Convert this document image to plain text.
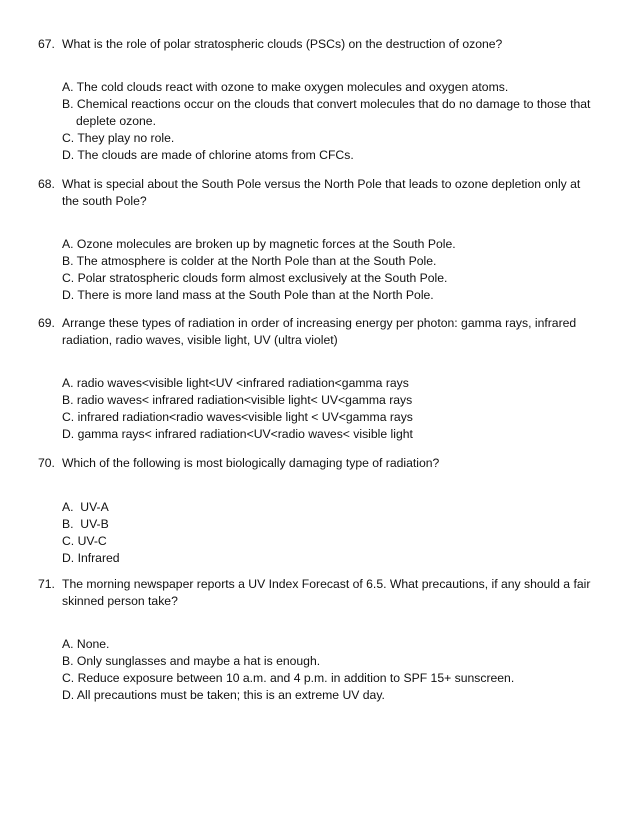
67. What is the role of polar stratospheric clouds (PSCs) on the destruction of ozone?
A. The cold clouds react with ozone to make oxygen molecules and oxygen atoms.
B. Chemical reactions occur on the clouds that convert molecules that do no damage to those that deplete ozone.
C. They play no role.
D. The clouds are made of chlorine atoms from CFCs.
68. What is special about the South Pole versus the North Pole that leads to ozone depletion only at the south Pole?
A. Ozone molecules are broken up by magnetic forces at the South Pole.
B. The atmosphere is colder at the North Pole than at the South Pole.
C. Polar stratospheric clouds form almost exclusively at the South Pole.
D. There is more land mass at the South Pole than at the North Pole.
69. Arrange these types of radiation in order of increasing energy per photon: gamma rays, infrared radiation, radio waves, visible light, UV (ultra violet)
A. radio waves<visible light<UV <infrared radiation<gamma rays
B. radio waves< infrared radiation<visible light< UV<gamma rays
C. infrared radiation<radio waves<visible light < UV<gamma rays
D. gamma rays< infrared radiation<UV<radio waves< visible light
70. Which of the following is most biologically damaging type of radiation?
A.  UV-A
B.  UV-B
C. UV-C
D. Infrared
71. The morning newspaper reports a UV Index Forecast of 6.5. What precautions, if any should a fair skinned person take?
A. None.
B. Only sunglasses and maybe a hat is enough.
C. Reduce exposure between 10 a.m. and 4 p.m. in addition to SPF 15+ sunscreen.
D. All precautions must be taken; this is an extreme UV day.
